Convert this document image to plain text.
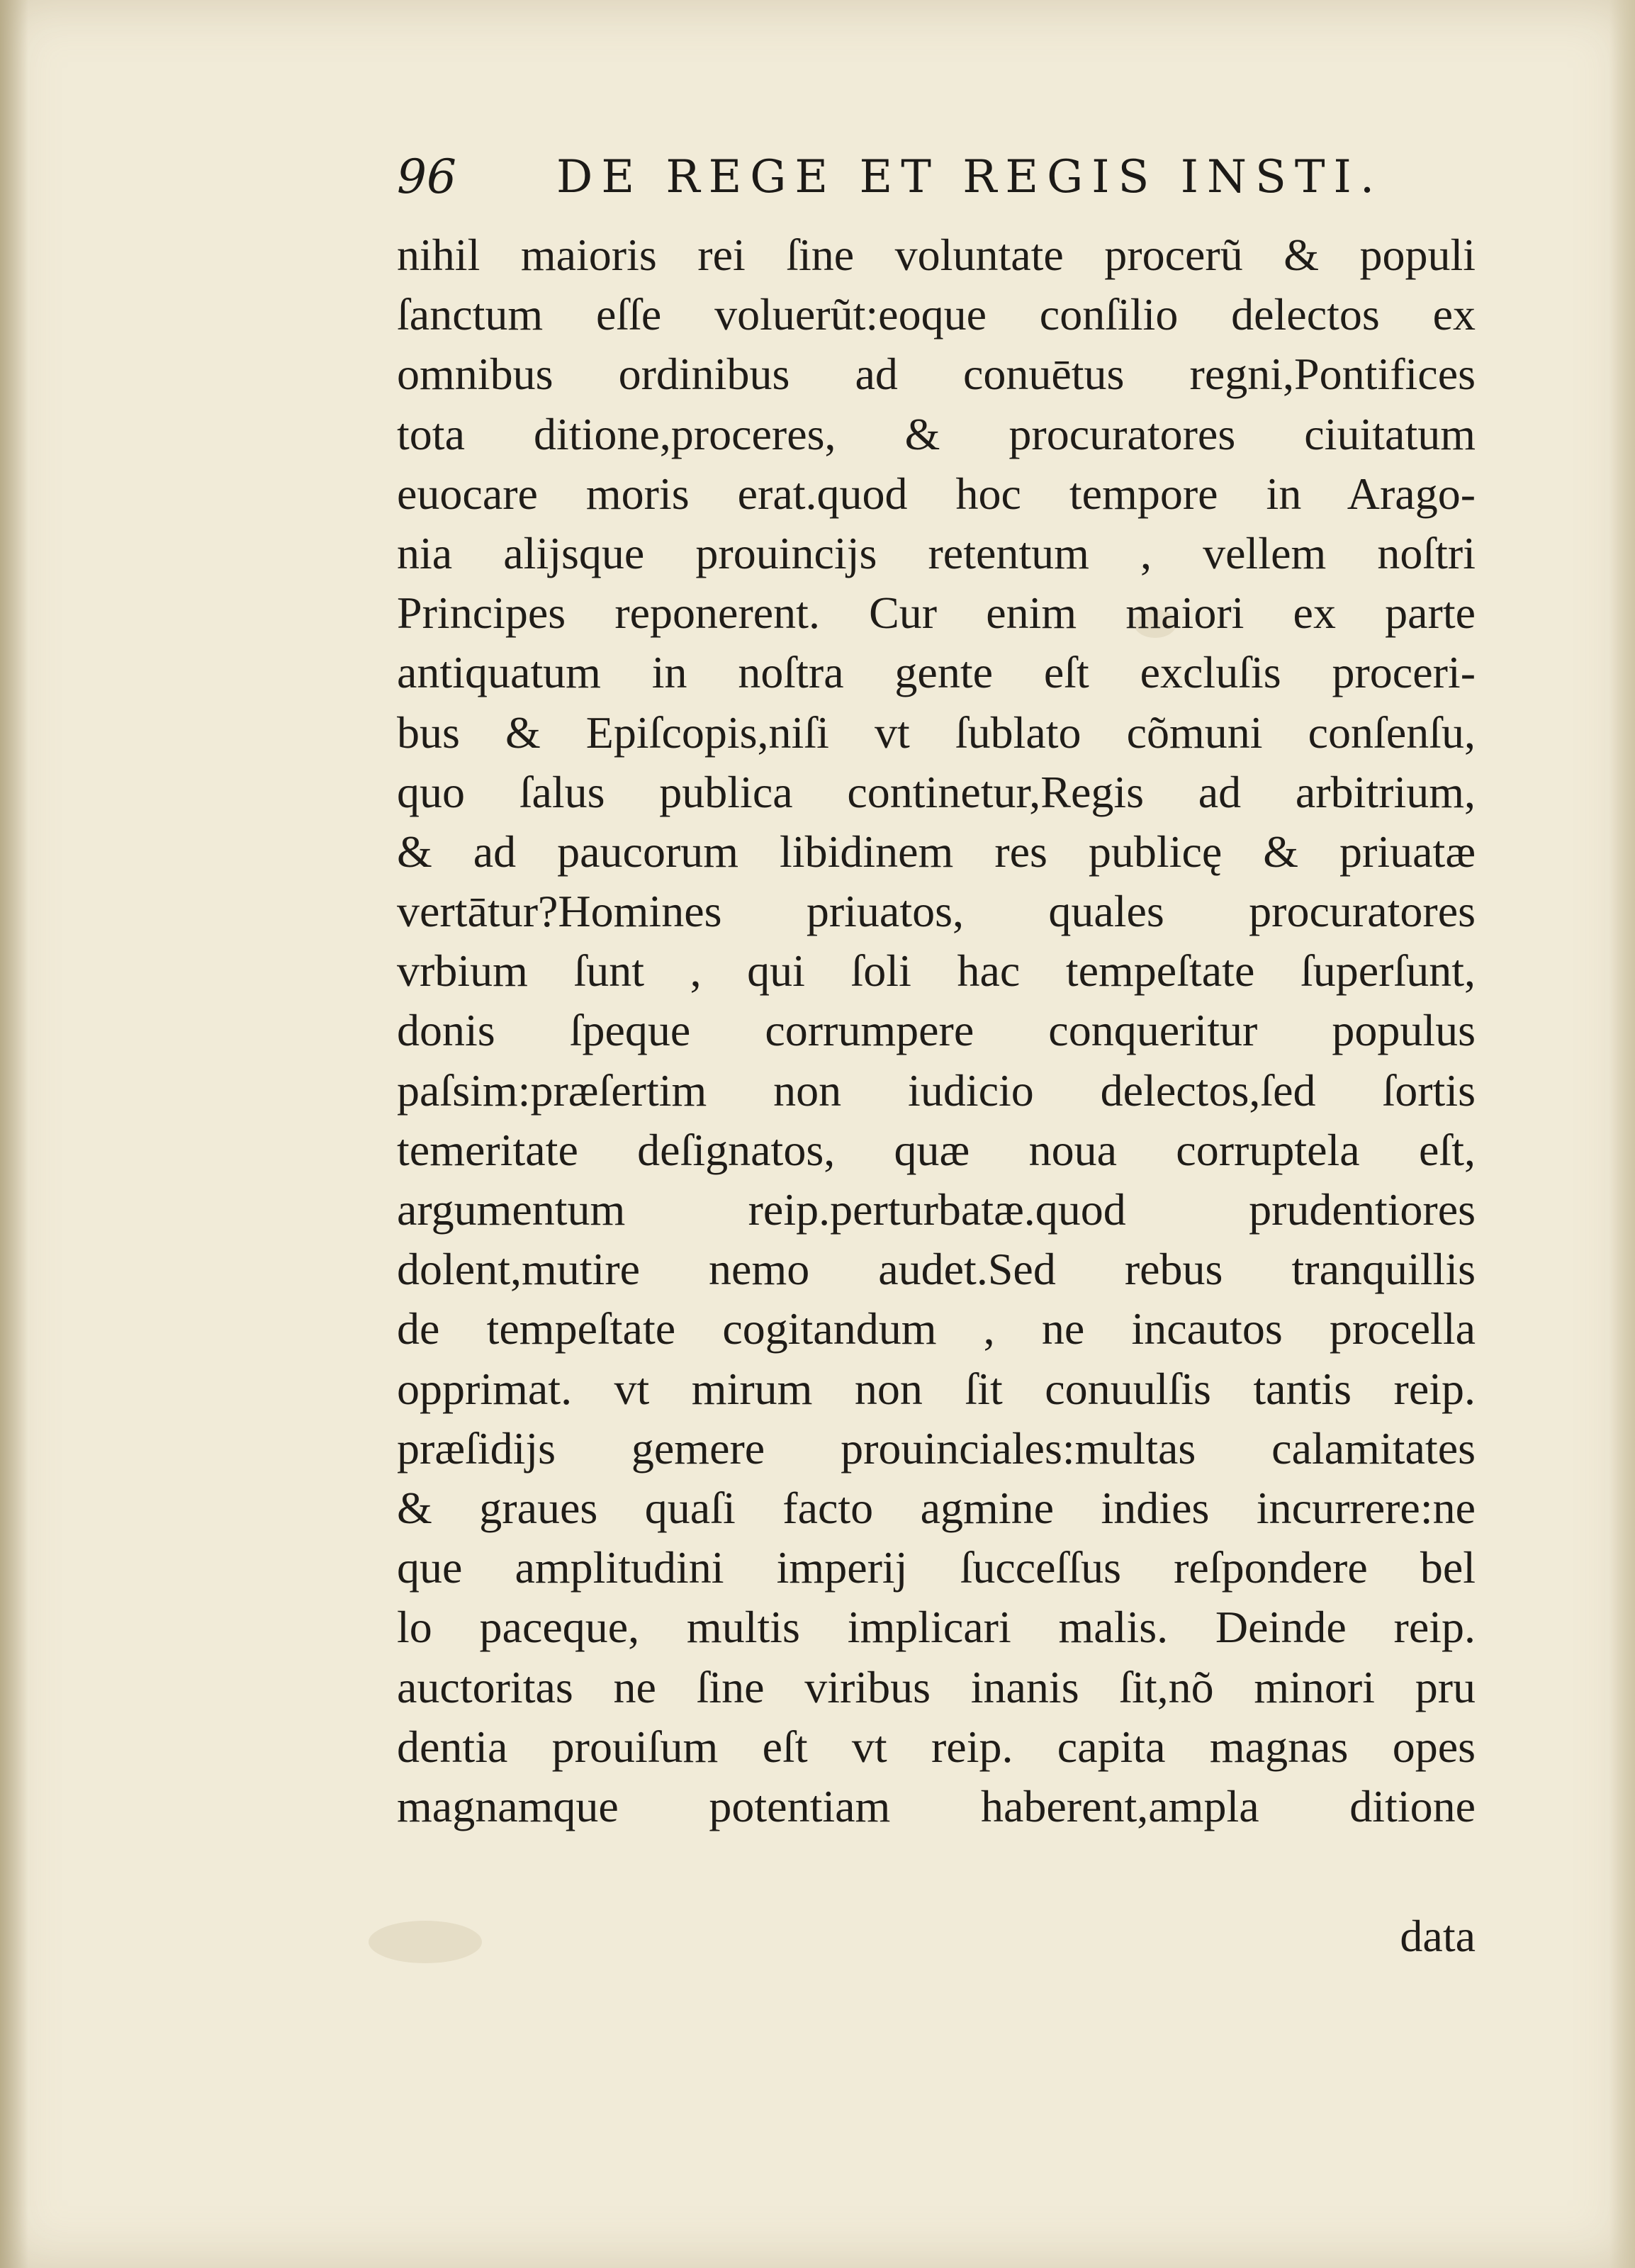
96 DE REGE ET REGIS INSTI.
nihil maioris rei ſine voluntate procerũ & populi
ſanctum eſſe voluerũt:eoque conſilio delectos ex
omnibus ordinibus ad conuētus regni,Pontifices
tota ditione,proceres, & procuratores ciuitatum
euocare moris erat.quod hoc tempore in Arago-
nia alijsque prouincijs retentum , vellem noſtri
Principes reponerent. Cur enim maiori ex parte
antiquatum in noſtra gente eſt excluſis proceri-
bus & Epiſcopis,niſi vt ſublato cõmuni conſenſu,
quo ſalus publica continetur,Regis ad arbitrium,
& ad paucorum libidinem res publicę & priuatæ
vertātur?Homines priuatos, quales procuratores
vrbium ſunt , qui ſoli hac tempeſtate ſuperſunt,
donis ſpeque corrumpere conqueritur populus
paſsim:præſertim non iudicio delectos,ſed ſortis
temeritate deſignatos, quæ noua corruptela eſt,
argumentum reip.perturbatæ.quod prudentiores
dolent,mutire nemo audet.Sed rebus tranquillis
de tempeſtate cogitandum , ne incautos procella
opprimat. vt mirum non ſit conuulſis tantis reip.
præſidijs gemere prouinciales:multas calamitates
& graues quaſi facto agmine indies incurrere:ne
que amplitudini imperij ſucceſſus reſpondere bel
lo paceque, multis implicari malis. Deinde reip.
auctoritas ne ſine viribus inanis ſit,nõ minori pru
dentia prouiſum eſt vt reip. capita magnas opes
magnamque potentiam haberent,ampla ditione
data
